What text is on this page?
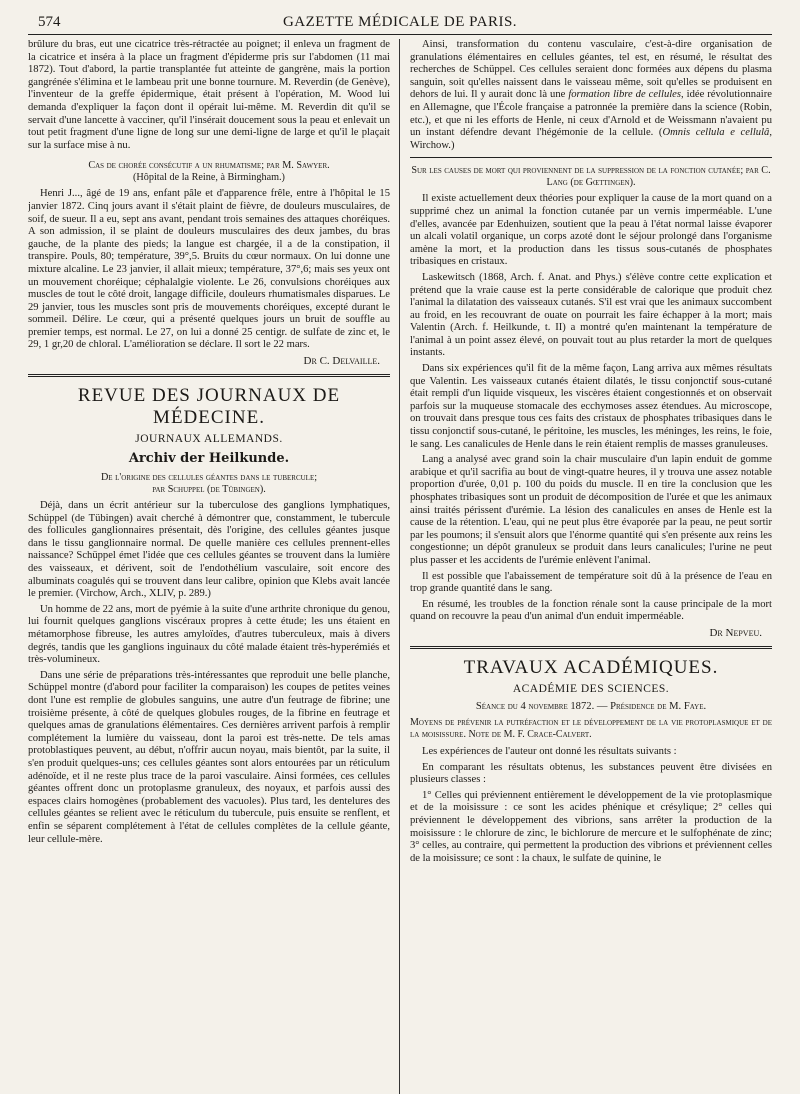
574	GAZETTE MÉDICALE DE PARIS.

brûlure du bras, eut une cicatrice très-rétractée au poignet; il enleva un fragment de la cicatrice et inséra à la place un fragment d'épiderme pris sur l'abdomen (11 mai 1872). Tout d'abord, la partie transplantée fut atteinte de gangrène, mais la portion gangrénée s'élimina et le lambeau prit une bonne tournure. M. Reverdin (de Genève), l'inventeur de la greffe épidermique, était présent à l'opération, M. Wood lui demanda d'expliquer la façon dont il opérait lui-même. M. Reverdin dit qu'il se servait d'une lancette à vacciner, qu'il l'insérait doucement sous la peau et enlevait un tout petit fragment d'une ligne de long sur une demi-ligne de large et qu'il le plaçait sur la surface mise à nu.

Cas de chorée consécutif a un rhumatisme; par M. Sawyer.
(Hôpital de la Reine, à Birmingham.)

Henri J..., âgé de 19 ans, enfant pâle et d'apparence frêle, entre à l'hôpital le 15 janvier 1872. Cinq jours avant il s'était plaint de fièvre, de douleurs musculaires, de soif, de sueur. Il a eu, sept ans avant, pendant trois semaines des attaques choréiques. A son admission, il se plaint de douleurs musculaires des deux jambes, du bras gauche, de la plante des pieds; la langue est chargée, il a de la constipation, il transpire. Pouls, 80; température, 39°,5. Bruits du cœur normaux. On lui donne une mixture alcaline. Le 23 janvier, il allait mieux; température, 37°,6; mais ses yeux ont un mouvement choréique; céphalalgie violente. Le 26, convulsions choréiques aux muscles de tout le côté droit, langage difficile, douleurs rhumatismales disparues. Le 29 janvier, tous les muscles sont pris de mouvements choréiques, excepté durant le sommeil. Délire. Le cœur, qui a présenté quelques jours un bruit de souffle au premier temps, est normal. Le 27, on lui a donné 25 centigr. de sulfate de zinc et, le 29, 1 gr,20 de chloral. L'amélioration se déclare. Il sort le 22 mars.

Dr C. Delvaille.
REVUE DES JOURNAUX DE MÉDECINE.
JOURNAUX ALLEMANDS.
Archiv der Heilkunde.
De l'origine des cellules géantes dans le tubercule;
par Schuppel (de Tübingen).

Déjà, dans un écrit antérieur sur la tuberculose des ganglions lymphatiques, Schüppel (de Tübingen) avait cherché à démontrer que, constamment, le tubercule des follicules ganglionnaires présentait, dès l'origine, des cellules géantes jusque dans le tissu ganglionnaire normal. De quelle manière ces cellules prennent-elles naissance? Schüppel émet l'idée que ces cellules géantes se trouvent dans la lumière des vaisseaux, et dérivent, soit de l'endothélium vasculaire, soit encore des albuminats coagulés qui se trouvent dans leur calibre, opinion que Klebs avait lancée le premier. (Virchow, Arch., XLIV, p. 289.)

Un homme de 22 ans, mort de pyémie à la suite d'une arthrite chronique du genou, lui fournit quelques ganglions viscéraux propres à cette étude; les uns étaient en métamorphose fibreuse, les autres amyloïdes, d'autres tuberculeux, mais à divers degrés, tandis que les ganglions inguinaux du côté malade étaient très-hyperémiés et très-volumineux.

Dans une série de préparations très-intéressantes que reproduit une belle planche, Schüppel montre (d'abord pour faciliter la comparaison) les coupes de petites veines dont l'une est remplie de globules sanguins, une autre d'un feutrage de fibrine; une troisième présente, à côté de quelques globules rouges, de la fibrine en feutrage et quelques amas de granulations élémentaires. Ces dernières arrivent parfois à remplir complétement la lumière du vaisseau, dont la paroi est très-nette. De tels amas protoblastiques peuvent, au début, n'offrir aucun noyau, mais bientôt, par la suite, il s'en produit quelques-uns; ces cellules géantes sont alors entourées par un réticulum adénoïde, et il ne reste plus trace de la paroi vasculaire. Ainsi formées, ces cellules géantes offrent donc un protoplasme granuleux, des noyaux, et parfois aussi des espaces clairs homogènes (probablement des vacuoles). Plus tard, les dentelures des cellules géantes se relient avec le réticulum du tubercule, puis ensuite se renflent, et enfin se séparent complétement à l'état de cellules complètes de la cellule géante, leur cellule-mère.

Ainsi, transformation du contenu vasculaire, c'est-à-dire organisation de granulations élémentaires en cellules géantes, tel est, en résumé, le résultat des recherches de Schüppel. Ces cellules seraient donc formées aux dépens du plasma sanguin, soit qu'elles naissent dans le vaisseau même, soit qu'elles se produisent en dehors de lui. Il y aurait donc là une formation libre de cellules, idée révolutionnaire en Allemagne, que l'École française a patronnée la première dans la science (Robin, etc.), et que ni les efforts de Henle, ni ceux d'Arnold et de Weissmann n'avaient pu un instant défendre devant l'hégémonie de la cellule. (Omnis cellula e cellulâ, Wirchow.)

Sur les causes de mort qui proviennent de la suppression de la fonction cutanée; par C. Lang (de Gœttingen).

Il existe actuellement deux théories pour expliquer la cause de la mort quand on a supprimé chez un animal la fonction cutanée par un vernis imperméable. L'une d'elles, avancée par Edenhuizen, soutient que la peau à l'état normal laisse évaporer un alcali volatil organique, un corps azoté dont le séjour prolongé dans l'organisme amène la mort, et la production dans les tissus sous-cutanés de phosphates tribasiques en cristaux.

Laskewitsch (1868, Arch. f. Anat. and Phys.) s'élève contre cette explication et prétend que la vraie cause est la perte considérable de calorique que produit chez l'animal la dilatation des vaisseaux cutanés. S'il est vrai que les animaux succombent au froid, en les recouvrant de ouate on pourrait les faire échapper à la mort; mais Valentin (Arch. f. Heilkunde, t. II) a montré qu'en maintenant la température de l'animal à un point assez élevé, on pouvait tout au plus retarder la mort de quelques instants.

Dans six expériences qu'il fit de la même façon, Lang arriva aux mêmes résultats que Valentin. Les vaisseaux cutanés étaient dilatés, le tissu conjonctif sous-cutané était rempli d'un liquide visqueux, les viscères étaient congestionnés et on observait parfois sur la muqueuse stomacale des ecchymoses assez étendues. Au microscope, on trouvait dans presque tous ces faits des cristaux de phosphates tribasiques dans le tissu conjonctif sous-cutané, le péritoine, les muscles, les méninges, les reins, le foie, le sang. Les canalicules de Henle dans le rein étaient remplis de masses granuleuses.

Lang a analysé avec grand soin la chair musculaire d'un lapin enduit de gomme arabique et qu'il sacrifia au bout de vingt-quatre heures, il y trouva une assez notable proportion d'urée, 0,01 p. 100 du poids du muscle. Il en tire la conclusion que les phosphates tribasiques sont un produit de décomposition de l'urée et que les animaux ainsi traités périssent d'urémie. La lésion des canalicules en anses de Henle est la cause de la rétention. L'eau, qui ne peut plus être évaporée par la peau, ne peut sortir par les poumons; il s'ensuit alors que l'énorme quantité qui s'en présente aux reins les congestionne; un dépôt granuleux se produit dans leurs canalicules; l'urine ne peut plus passer et les accidents de l'urémie enlèvent l'animal.

Il est possible que l'abaissement de température soit dû à la présence de l'eau en trop grande quantité dans le sang.

En résumé, les troubles de la fonction rénale sont la cause principale de la mort quand on recouvre la peau d'un animal d'un enduit imperméable.

Dr Nepveu.
TRAVAUX ACADÉMIQUES.
ACADÉMIE DES SCIENCES.
Séance du 4 novembre 1872. — Présidence de M. Faye.
Moyens de prévenir la putréfaction et le développement de la vie protoplasmique et de la moisissure. Note de M. F. Crace-Calvert.

Les expériences de l'auteur ont donné les résultats suivants :

En comparant les résultats obtenus, les substances peuvent être divisées en plusieurs classes :

1° Celles qui préviennent entièrement le développement de la vie protoplasmique et de la moisissure : ce sont les acides phénique et crésylique; 2° celles qui préviennent le développement des vibrions, sans arrêter la production de la moisissure : le chlorure de zinc, le bichlorure de mercure et le sulfophénate de zinc; 3° celles, au contraire, qui permettent la production des vibrions et préviennent celles de la moisissure; ce sont : la chaux, le sulfate de quinine, le
